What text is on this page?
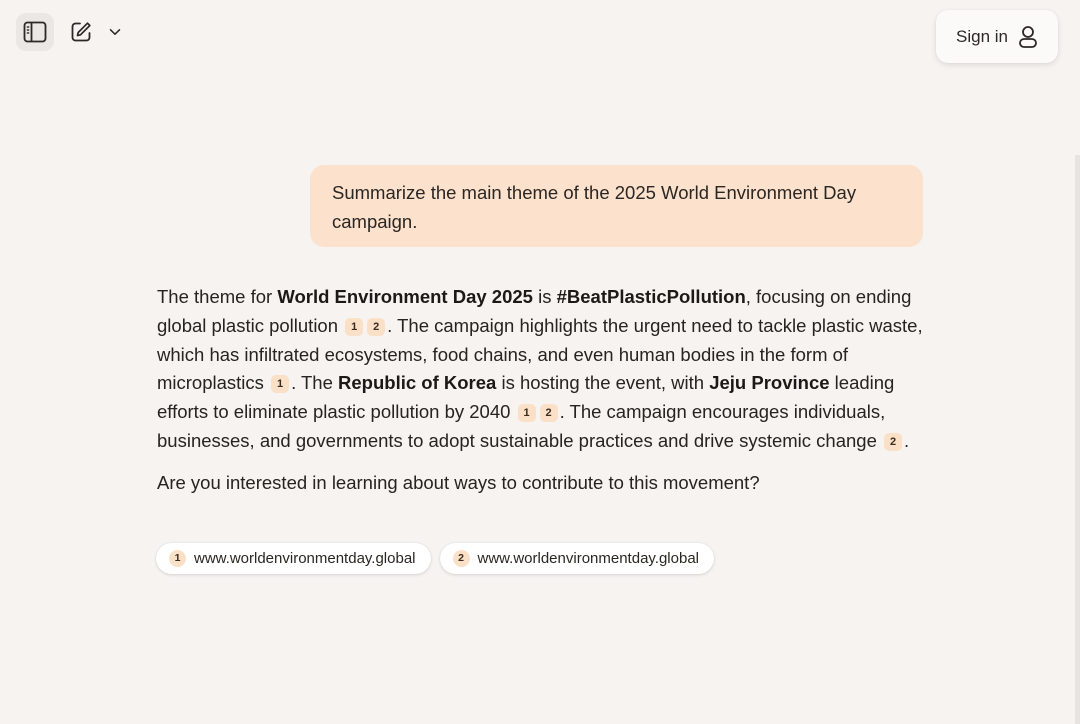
Sign in
Summarize the main theme of the 2025 World Environment Day campaign.

The theme for World Environment Day 2025 is #BeatPlasticPollution, focusing on ending global plastic pollution 1 2 . The campaign highlights the urgent need to tackle plastic waste, which has infiltrated ecosystems, food chains, and even human bodies in the form of microplastics 1 . The Republic of Korea is hosting the event, with Jeju Province leading efforts to eliminate plastic pollution by 2040 1 2 . The campaign encourages individuals, businesses, and governments to adopt sustainable practices and drive systemic change 2 .

Are you interested in learning about ways to contribute to this movement?

1 www.worldenvironmentday.global	2 www.worldenvironmentday.global
